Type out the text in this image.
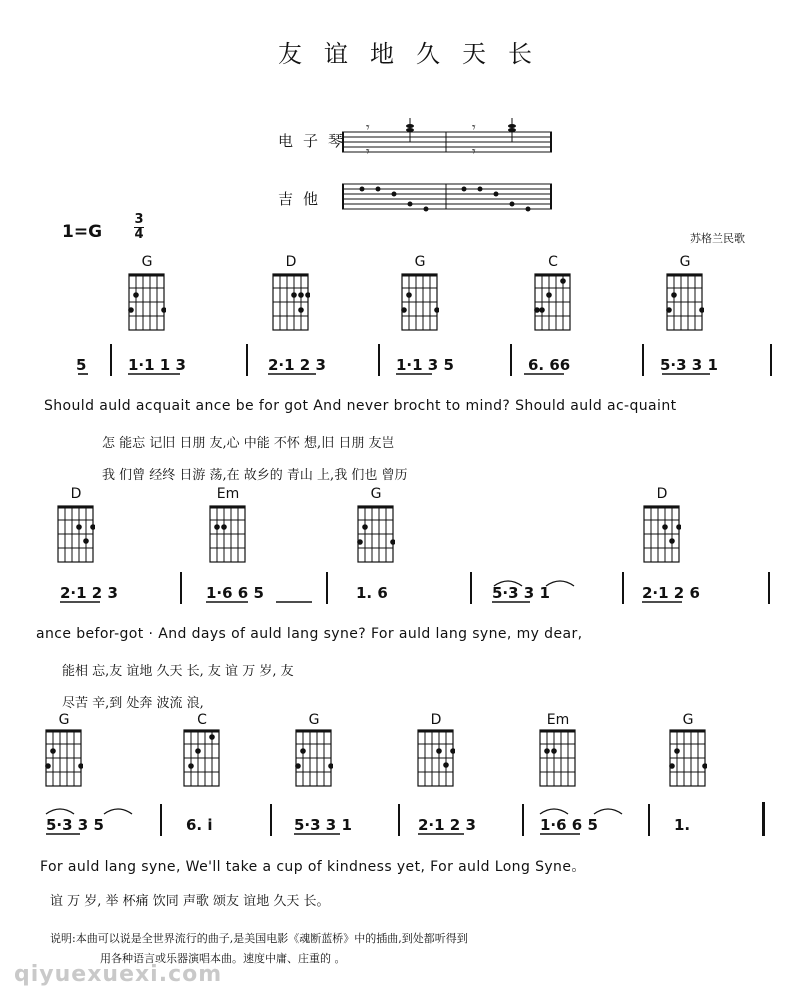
友谊地久天长
电子琴
𝄾
𝄾
𝄾
𝄾
吉他
1=G
3
4	苏格兰民歌
G	D	G	C	G
5	1·1 1 3	2·1 2 3	1·1 3 5	6. 66	5·3 3 1
Should auld acquait ance be for got And never brocht to mind? Should auld ac-quaint
怎 能忘 记旧 日朋 友,心 中能 不怀 想,旧 日朋 友岂
我 们曾 经终 日游 荡,在 故乡的 青山 上,我 们也 曾历
D	Em	G	D
2·1 2 3	1·6 6 5	1. 6	5·3 3 1	2·1 2 6
ance befor-got · And days of auld lang syne? For auld lang syne, my dear,
能相 忘,友 谊地 久天 长, 友 谊 万 岁, 友
尽苦 辛,到 处奔 波流 浪,
G	C	G	D	Em	G
5·3 3 5	6. i	5·3 3 1	2·1 2 3	1·6 6 5	1.
For auld lang syne, We'll take a cup of kindness yet, For auld Long Syne。
谊 万 岁, 举 杯痛 饮同 声歌 颂友 谊地 久天 长。
说明:本曲可以说是全世界流行的曲子,是美国电影《魂断蓝桥》中的插曲,到处都听得到
用各种语言或乐器演唱本曲。速度中庸、庄重的 。
qiyuexuexi.com
